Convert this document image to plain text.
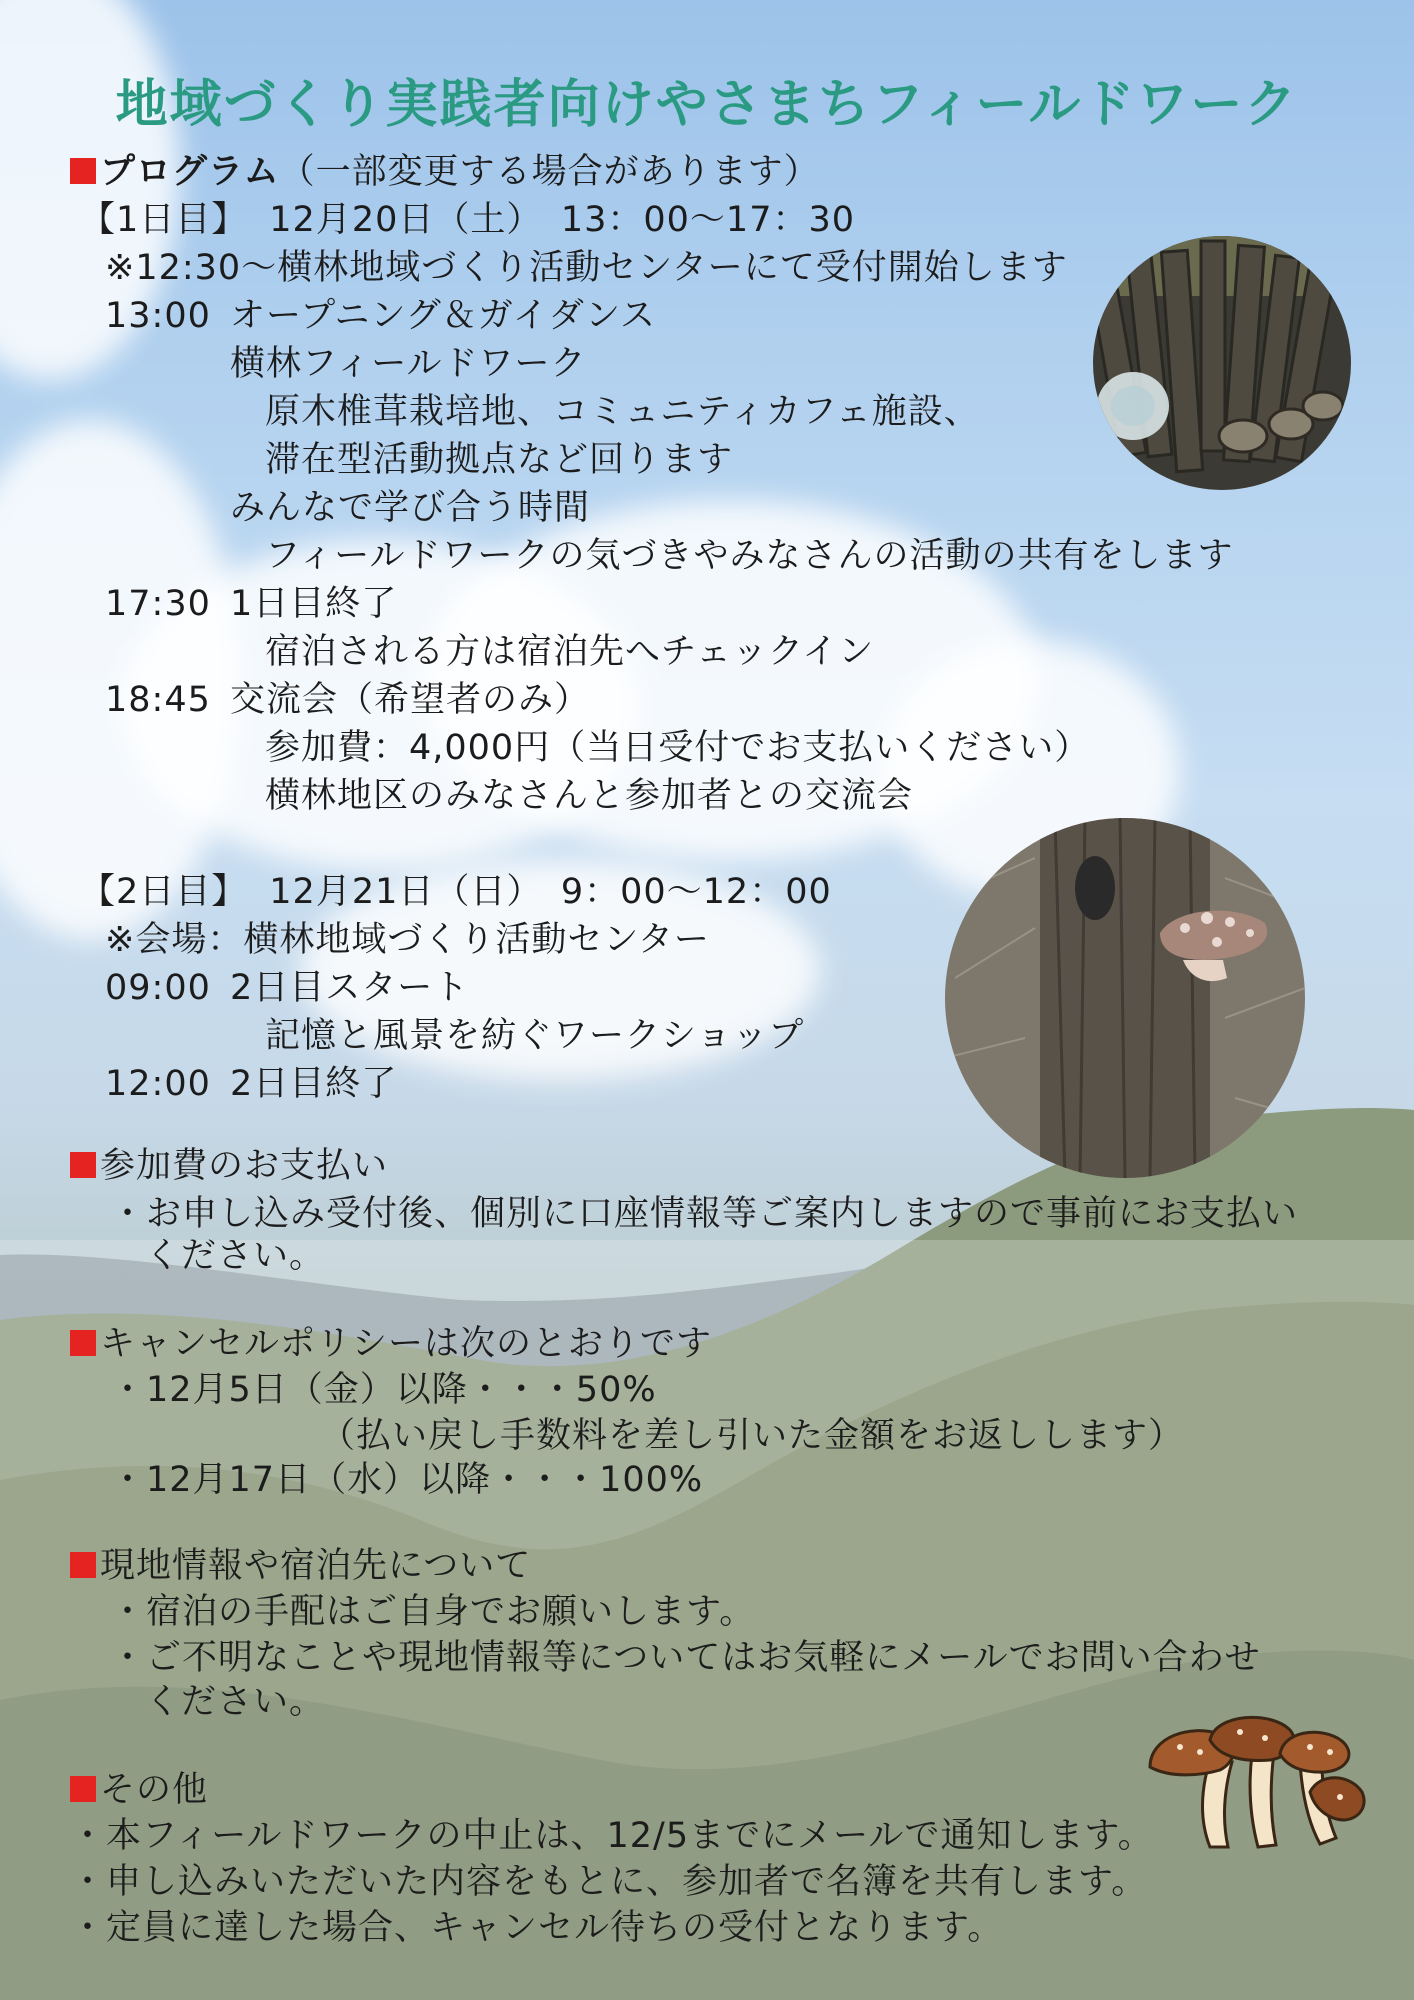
地域づくり実践者向けやさまちフィールドワーク
プログラム（一部変更する場合があります）
【1日目】 12月20日（土）　13：00〜17：30
※12:30〜横林地域づくり活動センターにて受付開始します
13:00 オープニング＆ガイダンス
横林フィールドワーク
原木椎茸栽培地、コミュニティカフェ施設、
滞在型活動拠点など回ります
みんなで学び合う時間
フィールドワークの気づきやみなさんの活動の共有をします
17:30 1日目終了
宿泊される方は宿泊先へチェックイン
18:45 交流会（希望者のみ）
参加費：4,000円（当日受付でお支払いください）
横林地区のみなさんと参加者との交流会
【2日目】 12月21日（日）　9：00〜12：00
※会場：横林地域づくり活動センター
09:00 2日目スタート
記憶と風景を紡ぐワークショップ
12:00 2日目終了
参加費のお支払い
・お申し込み受付後、個別に口座情報等ご案内しますので事前にお支払い
ください。
キャンセルポリシーは次のとおりです
・12月5日（金）以降・・・50%
（払い戻し手数料を差し引いた金額をお返しします）
・12月17日（水）以降・・・100%
現地情報や宿泊先について
・宿泊の手配はご自身でお願いします。
・ご不明なことや現地情報等についてはお気軽にメールでお問い合わせ
ください。
その他
・本フィールドワークの中止は、12/5までにメールで通知します。
・申し込みいただいた内容をもとに、参加者で名簿を共有します。
・定員に達した場合、キャンセル待ちの受付となります。
